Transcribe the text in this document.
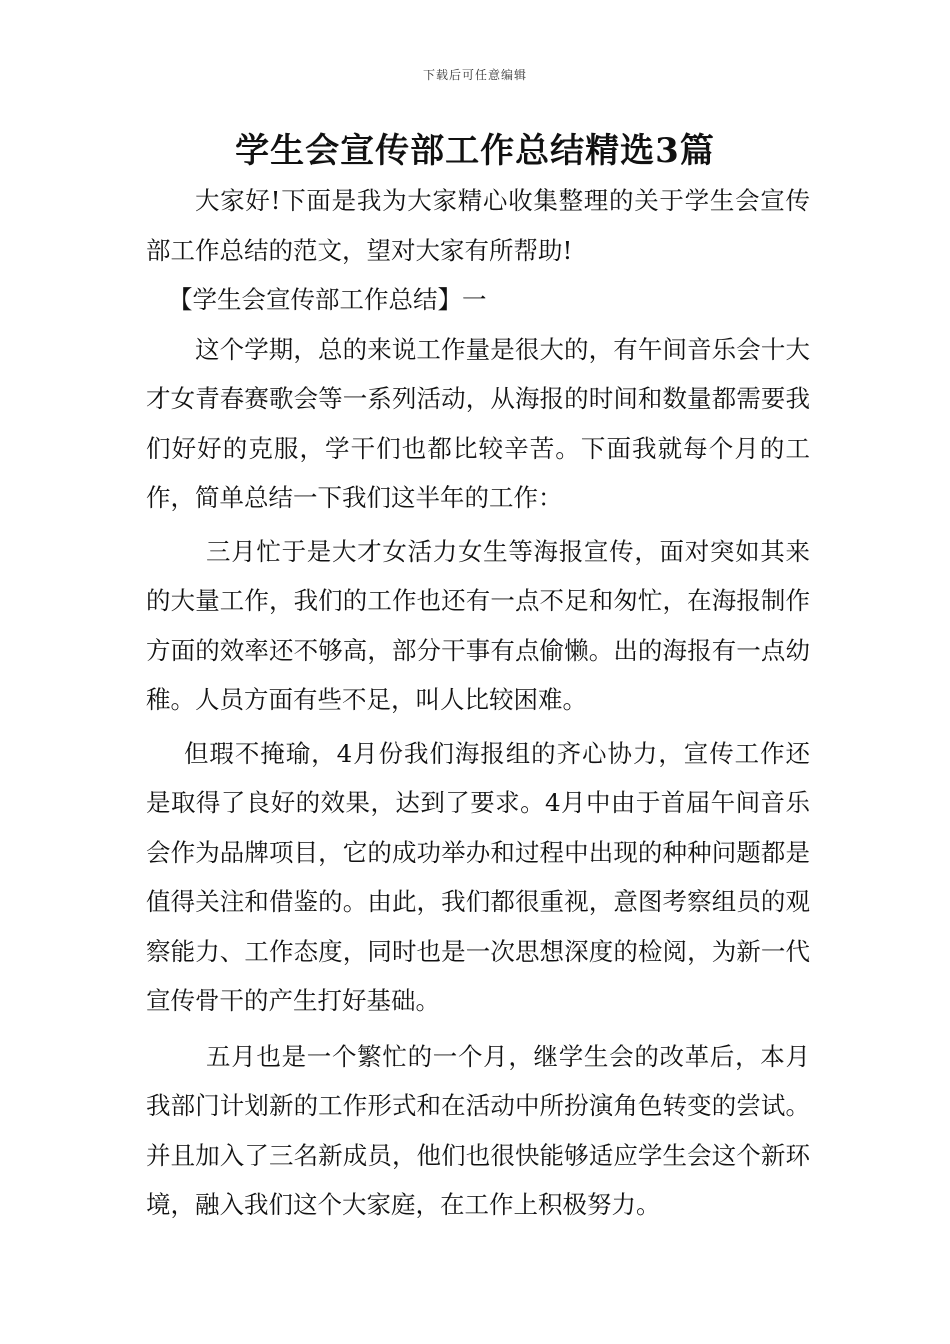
下载后可任意编辑
学生会宣传部工作总结精选3篇

大家好!下面是我为大家精心收集整理的关于学生会宣传部工作总结的范文，望对大家有所帮助!

【学生会宣传部工作总结】一

这个学期，总的来说工作量是很大的，有午间音乐会十大才女青春赛歌会等一系列活动，从海报的时间和数量都需要我们好好的克服，学干们也都比较辛苦。下面我就每个月的工作，简单总结一下我们这半年的工作：

三月忙于是大才女活力女生等海报宣传，面对突如其来的大量工作，我们的工作也还有一点不足和匆忙，在海报制作方面的效率还不够高，部分干事有点偷懒。出的海报有一点幼稚。人员方面有些不足，叫人比较困难。

但瑕不掩瑜，4月份我们海报组的齐心协力，宣传工作还是取得了良好的效果，达到了要求。4月中由于首届午间音乐会作为品牌项目，它的成功举办和过程中出现的种种问题都是值得关注和借鉴的。由此，我们都很重视，意图考察组员的观察能力、工作态度，同时也是一次思想深度的检阅，为新一代宣传骨干的产生打好基础。

五月也是一个繁忙的一个月，继学生会的改革后，本月我部门计划新的工作形式和在活动中所扮演角色转变的尝试。并且加入了三名新成员，他们也很快能够适应学生会这个新环境，融入我们这个大家庭，在工作上积极努力。
